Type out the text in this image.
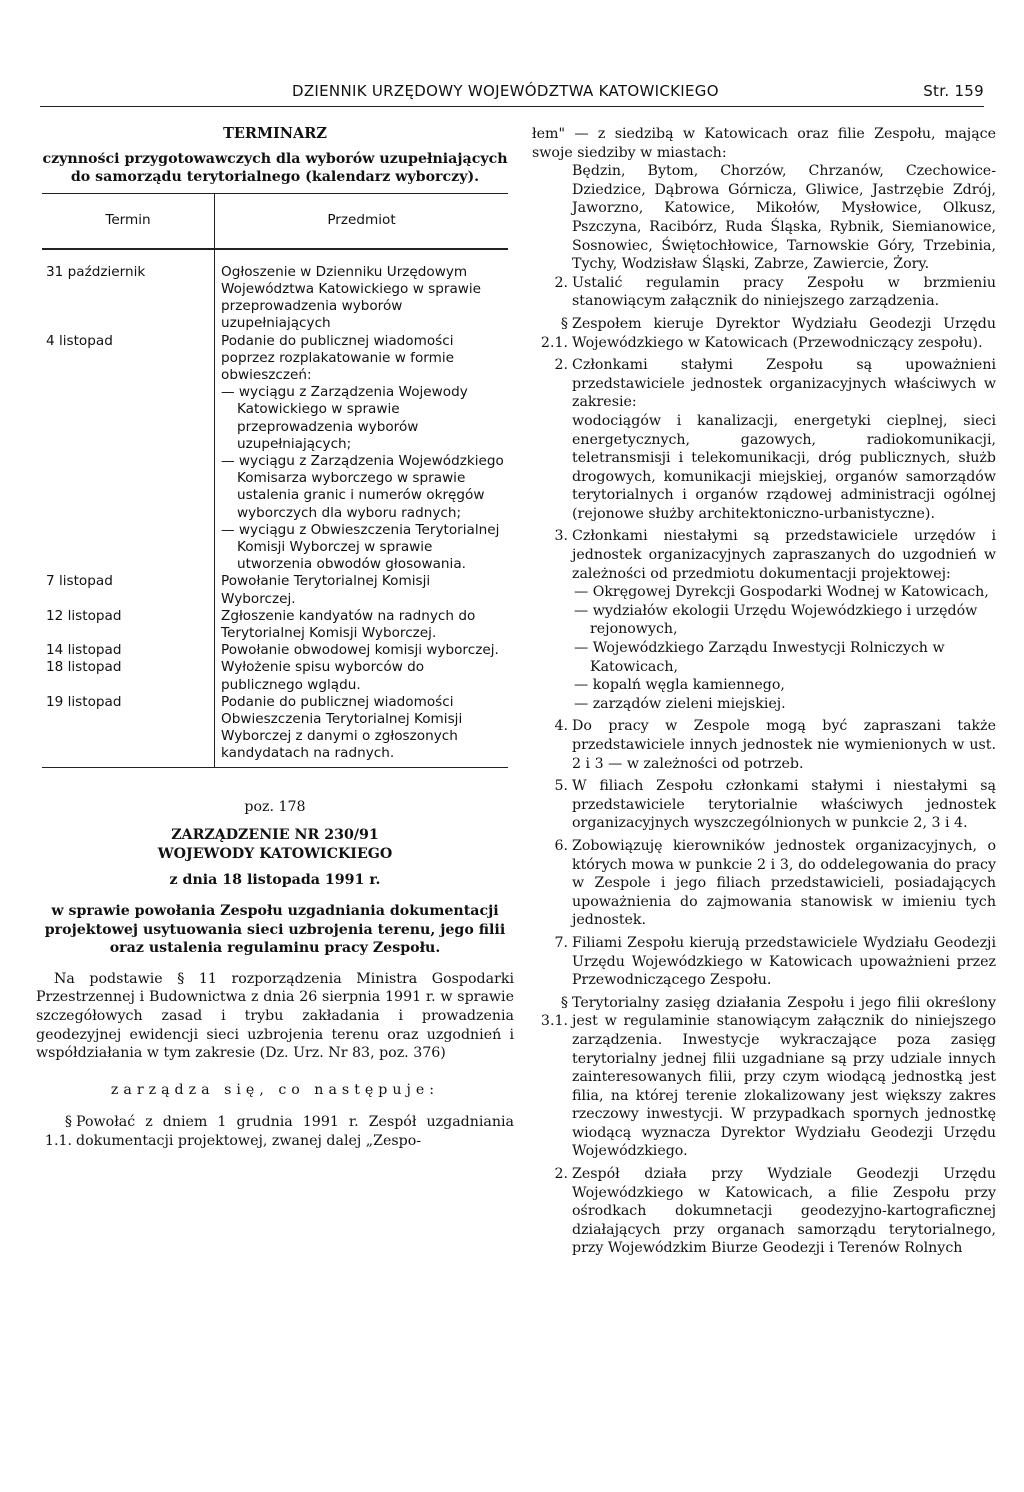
DZIENNIK URZĘDOWY WOJEWÓDZTWA KATOWICKIEGO	Str. 159
TERMINARZ
czynności przygotowawczych dla wyborów uzupełniających
do samorządu terytorialnego (kalendarz wyborczy).
Termin	Przedmiot
31 październik	Ogłoszenie w Dzienniku Urzędowym Województwa Katowickiego w sprawie przeprowadzenia wyborów uzupełniających
4 listopad	Podanie do publicznej wiadomości poprzez rozplakatowanie w formie obwieszczeń:
— wyciągu z Zarządzenia Wojewody Katowickiego w sprawie przeprowadzenia wyborów uzupełniających;
— wyciągu z Zarządzenia Wojewódzkiego Komisarza wyborczego w sprawie ustalenia granic i numerów okręgów wyborczych dla wyboru radnych;
— wyciągu z Obwieszczenia Terytorialnej Komisji Wyborczej w sprawie utworzenia obwodów głosowania.

7 listopad	Powołanie Terytorialnej Komisji Wyborczej.
12 listopad	Zgłoszenie kandyatów na radnych do Terytorialnej Komisji Wyborczej.
14 listopad	Powołanie obwodowej komisji wyborczej.
18 listopad	Wyłożenie spisu wyborców do publicznego wglądu.
19 listopad	Podanie do publicznej wiadomości Obwieszczenia Terytorialnej Komisji Wyborczej z danymi o zgłoszonych kandydatach na radnych.
poz. 178
ZARZĄDZENIE NR 230/91
WOJEWODY KATOWICKIEGO
z dnia 18 listopada 1991 r.
w sprawie powołania Zespołu uzgadniania dokumentacji projektowej usytuowania sieci uzbrojenia terenu, jego filii oraz ustalenia regulaminu pracy Zespołu.
Na podstawie § 11 rozporządzenia Ministra Gospodarki Przestrzennej i Budownictwa z dnia 26 sierpnia 1991 r. w sprawie szczegółowych zasad i trybu zakładania i prowadzenia geodezyjnej ewidencji sieci uzbrojenia terenu oraz uzgodnień i współdziałania w tym zakresie (Dz. Urz. Nr 83, poz. 376)
zarządza się, co następuje:

§ 1.1.
Powołać z dniem 1 grudnia 1991 r. Zespół uzgadniania dokumentacji projektowej, zwanej dalej „Zespo-

łem" — z siedzibą w Katowicach oraz filie Zespołu, mające swoje siedziby w miastach:
Będzin, Bytom, Chorzów, Chrzanów, Czechowice-Dziedzice, Dąbrowa Górnicza, Gliwice, Jastrzębie Zdrój, Jaworzno, Katowice, Mikołów, Mysłowice, Olkusz, Pszczyna, Racibórz, Ruda Śląska, Rybnik, Siemianowice, Sosnowiec, Świętochłowice, Tarnowskie Góry, Trzebinia, Tychy, Wodzisław Śląski, Zabrze, Zawiercie, Żory.

2. Ustalić regulamin pracy Zespołu w brzmieniu stanowiącym załącznik do niniejszego zarządzenia.

§ 2.1.
Zespołem kieruje Dyrektor Wydziału Geodezji Urzędu Wojewódzkiego w Katowicach (Przewodniczący zespołu).

2. Członkami stałymi Zespołu są upoważnieni przedstawiciele jednostek organizacyjnych właściwych w zakresie:

wodociągów i kanalizacji, energetyki cieplnej, sieci energetycznych, gazowych, radiokomunikacji, teletransmisji i telekomunikacji, dróg publicznych, służb drogowych, komunikacji miejskiej, organów samorządów terytorialnych i organów rządowej administracji ogólnej (rejonowe służby architektoniczno-urbanistyczne).

3. Członkami niestałymi są przedstawiciele urzędów i jednostek organizacyjnych zapraszanych do uzgodnień w zależności od przedmiotu dokumentacji projektowej:

— Okręgowej Dyrekcji Gospodarki Wodnej w Katowicach,
— wydziałów ekologii Urzędu Wojewódzkiego i urzędów rejonowych,
— Wojewódzkiego Zarządu Inwestycji Rolniczych w Katowicach,
— kopalń węgla kamiennego,
— zarządów zieleni miejskiej.

4. Do pracy w Zespole mogą być zapraszani także przedstawiciele innych jednostek nie wymienionych w ust. 2 i 3 — w zależności od potrzeb.

5. W filiach Zespołu członkami stałymi i niestałymi są przedstawiciele terytorialnie właściwych jednostek organizacyjnych wyszczególnionych w punkcie 2, 3 i 4.

6. Zobowiązuję kierowników jednostek organizacyjnych, o których mowa w punkcie 2 i 3, do oddelegowania do pracy w Zespole i jego filiach przedstawicieli, posiadających upoważnienia do zajmowania stanowisk w imieniu tych jednostek.

7. Filiami Zespołu kierują przedstawiciele Wydziału Geodezji Urzędu Wojewódzkiego w Katowicach upoważnieni przez Przewodniczącego Zespołu.

§ 3.1.
Terytorialny zasięg działania Zespołu i jego filii określony jest w regulaminie stanowiącym załącznik do niniejszego zarządzenia. Inwestycje wykraczające poza zasięg terytorialny jednej filii uzgadniane są przy udziale innych zainteresowanych filii, przy czym wiodącą jednostką jest filia, na której terenie zlokalizowany jest większy zakres rzeczowy inwestycji. W przypadkach spornych jednostkę wiodącą wyznacza Dyrektor Wydziału Geodezji Urzędu Wojewódzkiego.

2. Zespół działa przy Wydziale Geodezji Urzędu Wojewódzkiego w Katowicach, a filie Zespołu przy ośrodkach dokumnetacji geodezyjno-kartograficznej działających przy organach samorządu terytorialnego, przy Wojewódzkim Biurze Geodezji i Terenów Rolnych
